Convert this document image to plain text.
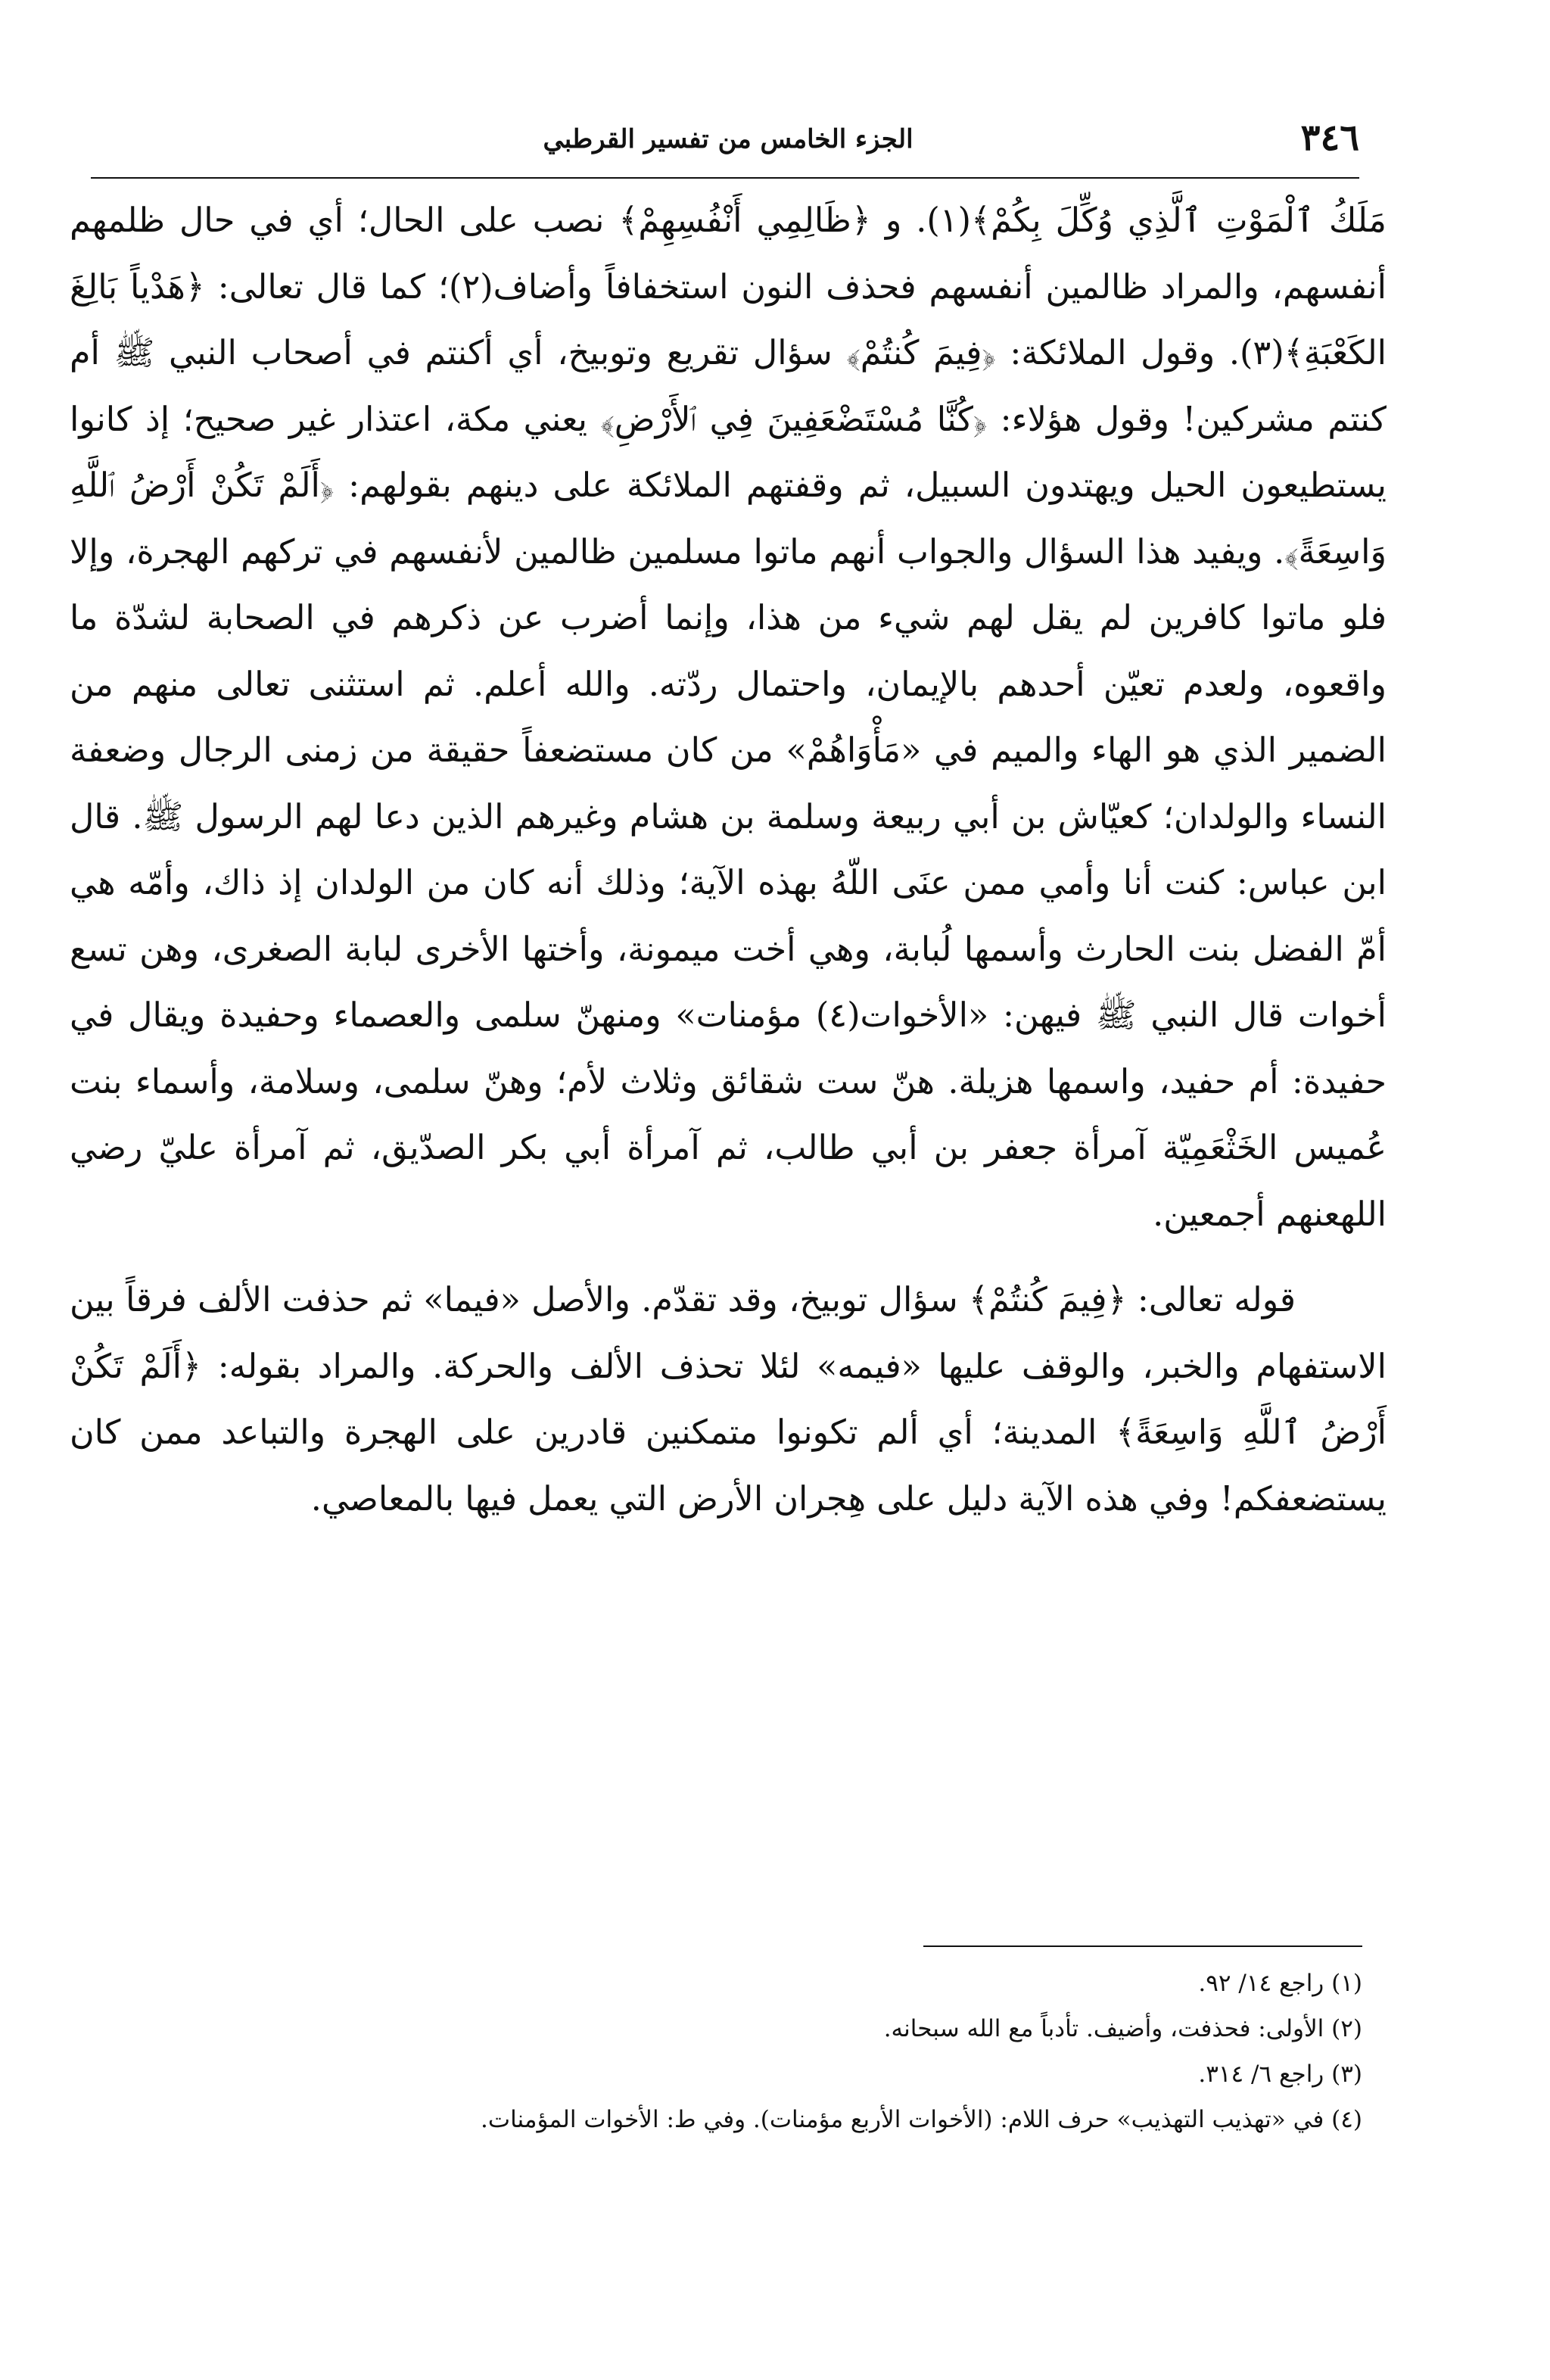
٣٤٦
الجزء الخامس من تفسير القرطبي

مَلَكُ ٱلْمَوْتِ ٱلَّذِي وُكِّلَ بِكُمْ﴾(١). و ﴿ظَالِمِي أَنْفُسِهِمْ﴾ نصب على الحال؛ أي في حال ظلمهم أنفسهم، والمراد ظالمين أنفسهم فحذف النون استخفافاً وأضاف(٢)؛ كما قال تعالى: ﴿هَدْياً بَالِغَ الكَعْبَةِ﴾(٣). وقول الملائكة: ﴿فِيمَ كُنتُمْ﴾ سؤال تقريع وتوبيخ، أي أكنتم في أصحاب النبي ﷺ أم كنتم مشركين! وقول هؤلاء: ﴿كُنَّا مُسْتَضْعَفِينَ فِي ٱلأَرْضِ﴾ يعني مكة، اعتذار غير صحيح؛ إذ كانوا يستطيعون الحيل ويهتدون السبيل، ثم وقفتهم الملائكة على دينهم بقولهم: ﴿أَلَمْ تَكُنْ أَرْضُ ٱللَّهِ وَاسِعَةً﴾. ويفيد هذا السؤال والجواب أنهم ماتوا مسلمين ظالمين لأنفسهم في تركهم الهجرة، وإلا فلو ماتوا كافرين لم يقل لهم شيء من هذا، وإنما أضرب عن ذكرهم في الصحابة لشدّة ما واقعوه، ولعدم تعيّن أحدهم بالإيمان، واحتمال ردّته. والله أعلم. ثم استثنى تعالى منهم من الضمير الذي هو الهاء والميم في «مَأْوَاهُمْ» من كان مستضعفاً حقيقة من زمنى الرجال وضعفة النساء والولدان؛ كعيّاش بن أبي ربيعة وسلمة بن هشام وغيرهم الذين دعا لهم الرسول ﷺ. قال ابن عباس: كنت أنا وأمي ممن عنَى اللّهُ بهذه الآية؛ وذلك أنه كان من الولدان إذ ذاك، وأمّه هي أمّ الفضل بنت الحارث وأسمها لُبابة، وهي أخت ميمونة، وأختها الأخرى لبابة الصغرى، وهن تسع أخوات قال النبي ﷺ فيهن: «الأخوات(٤) مؤمنات» ومنهنّ سلمى والعصماء وحفيدة ويقال في حفيدة: أم حفيد، واسمها هزيلة. هنّ ست شقائق وثلاث لأم؛ وهنّ سلمى، وسلامة، وأسماء بنت عُميس الخَثْعَمِيّة آمرأة جعفر بن أبي طالب، ثم آمرأة أبي بكر الصدّيق، ثم آمرأة عليّ رضي اللهعنهم أجمعين.

قوله تعالى: ﴿فِيمَ كُنتُمْ﴾ سؤال توبيخ، وقد تقدّم. والأصل «فيما» ثم حذفت الألف فرقاً بين الاستفهام والخبر، والوقف عليها «فيمه» لئلا تحذف الألف والحركة. والمراد بقوله: ﴿أَلَمْ تَكُنْ أَرْضُ ٱللَّهِ وَاسِعَةً﴾ المدينة؛ أي ألم تكونوا متمكنين قادرين على الهجرة والتباعد ممن كان يستضعفكم! وفي هذه الآية دليل على هِجران الأرض التي يعمل فيها بالمعاصي.

(١) راجع ١٤/ ٩٢.
(٢) الأولى: فحذفت، وأضيف. تأدباً مع الله سبحانه.
(٣) راجع ٦/ ٣١٤.
(٤) في «تهذيب التهذيب» حرف اللام: (الأخوات الأربع مؤمنات). وفي ط: الأخوات المؤمنات.
